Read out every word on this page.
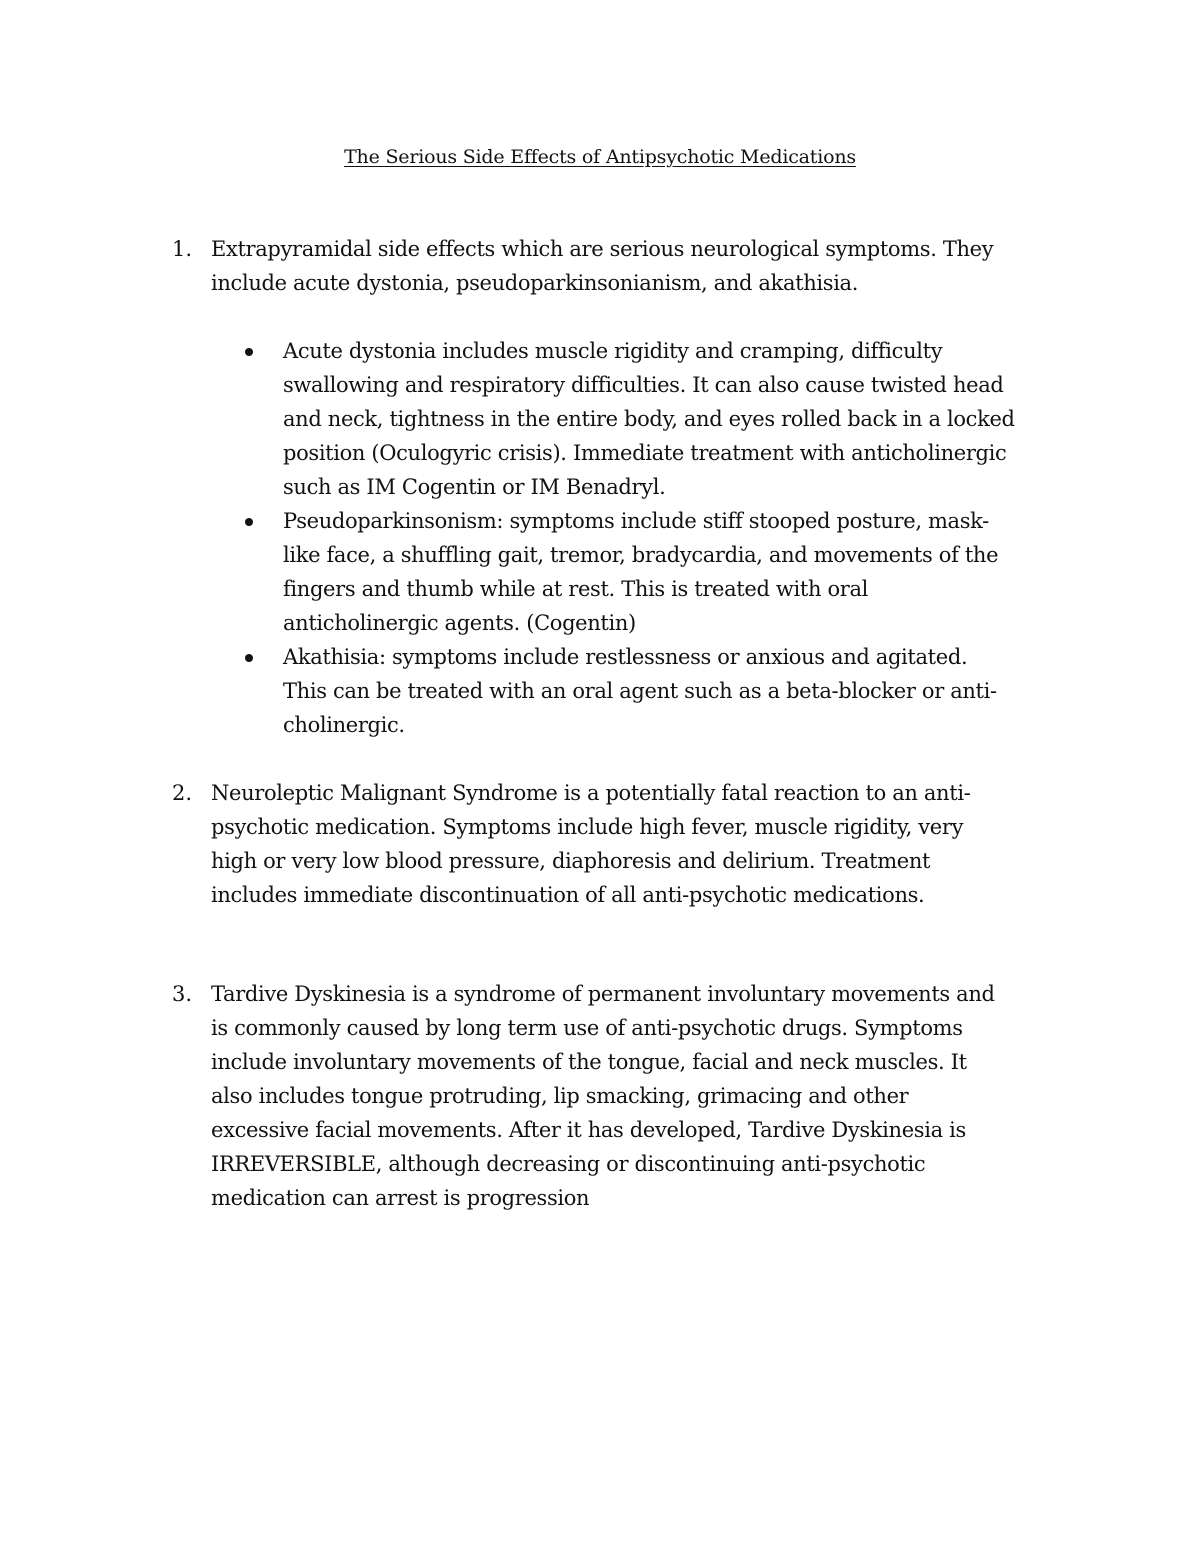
The Serious Side Effects of Antipsychotic Medications
1. Extrapyramidal side effects which are serious neurological symptoms. They
include acute dystonia, pseudoparkinsonianism, and akathisia.
Acute dystonia includes muscle rigidity and cramping, difficulty
swallowing and respiratory difficulties. It can also cause twisted head
and neck, tightness in the entire body, and eyes rolled back in a locked
position (Oculogyric crisis). Immediate treatment with anticholinergic
such as IM Cogentin or IM Benadryl.
Pseudoparkinsonism: symptoms include stiff stooped posture, mask-
like face, a shuffling gait, tremor, bradycardia, and movements of the
fingers and thumb while at rest. This is treated with oral
anticholinergic agents. (Cogentin)
Akathisia: symptoms include restlessness or anxious and agitated.
This can be treated with an oral agent such as a beta-blocker or anti-
cholinergic.
2. Neuroleptic Malignant Syndrome is a potentially fatal reaction to an anti-
psychotic medication. Symptoms include high fever, muscle rigidity, very
high or very low blood pressure, diaphoresis and delirium. Treatment
includes immediate discontinuation of all anti-psychotic medications.
3. Tardive Dyskinesia is a syndrome of permanent involuntary movements and
is commonly caused by long term use of anti-psychotic drugs. Symptoms
include involuntary movements of the tongue, facial and neck muscles. It
also includes tongue protruding, lip smacking, grimacing and other
excessive facial movements. After it has developed, Tardive Dyskinesia is
IRREVERSIBLE, although decreasing or discontinuing anti-psychotic
medication can arrest is progression
